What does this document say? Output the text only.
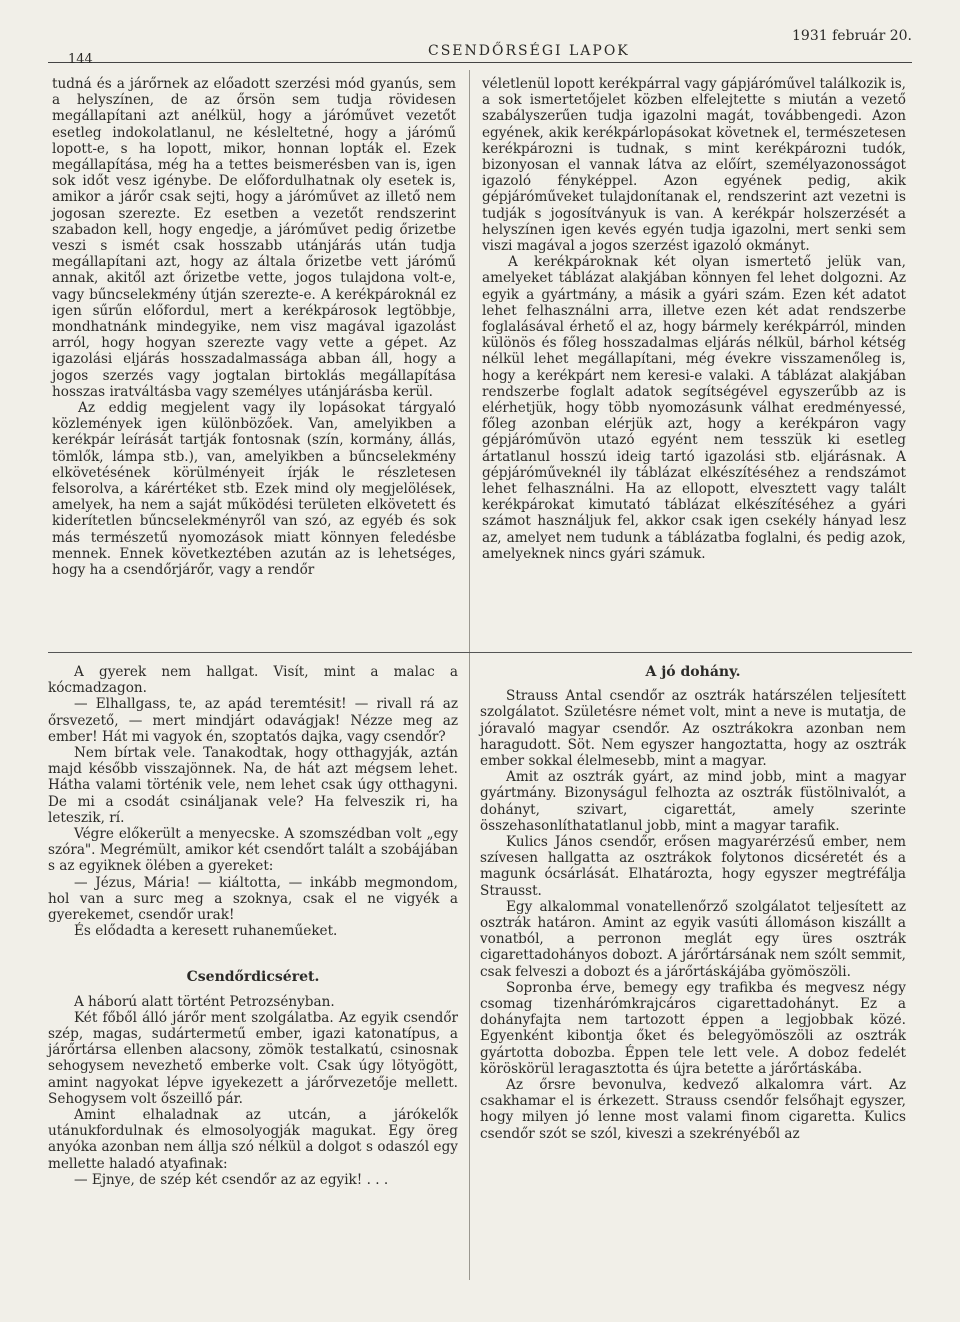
144
CSENDŐRSÉGI LAPOK
1931 február 20.

tudná és a járőrnek az előadott szerzési mód gyanús, sem a helyszínen, de az őrsön sem tudja rövidesen megállapítani azt anélkül, hogy a járóművet vezetőt esetleg indokolatlanul, ne késleltetné, hogy a járómű lopott-e, s ha lopott, mikor, honnan lopták el. Ezek megállapítása, még ha a tettes beismerésben van is, igen sok időt vesz igénybe. De előfordulhatnak oly esetek is, amikor a járőr csak sejti, hogy a járóművet az illető nem jogosan szerezte. Ez esetben a vezetőt rendszerint szabadon kell, hogy engedje, a járóművet pedig őrizetbe veszi s ismét csak hosszabb utánjárás után tudja megállapítani azt, hogy az általa őrizetbe vett járómű annak, akitől azt őrizetbe vette, jogos tulajdona volt-e, vagy bűncselekmény útján szerezte-e. A kerékpároknál ez igen sűrűn előfordul, mert a kerékpárosok legtöbbje, mondhatnánk mindegyike, nem visz magával igazolást arról, hogy hogyan szerezte vagy vette a gépet. Az igazolási eljárás hosszadalmassága abban áll, hogy a jogos szerzés vagy jogtalan birtoklás megállapítása hosszas iratváltásba vagy személyes utánjárásba kerül.

Az eddig megjelent vagy ily lopásokat tárgyaló közlemények igen különbözőek. Van, amelyikben a kerékpár leírását tartják fontosnak (szín, kormány, állás, tömlők, lámpa stb.), van, amelyikben a bűncselekmény elkövetésének körülményeit írják le részletesen felsorolva, a kárértéket stb. Ezek mind oly megjelölések, amelyek, ha nem a saját működési területen elkövetett és kiderítetlen bűncselekményről van szó, az egyéb és sok más természetű nyomozások miatt könnyen feledésbe mennek. Ennek következtében azután az is lehetséges, hogy ha a csendőrjárőr, vagy a rendőr

véletlenül lopott kerékpárral vagy gápjáróművel találkozik is, a sok ismertetőjelet közben elfelejtette s miután a vezető szabályszerűen tudja igazolni magát, továbbengedi. Azon egyének, akik kerékpárlopásokat követnek el, természetesen kerékpározni is tudnak, s mint kerékpározni tudók, bizonyosan el vannak látva az előírt, személyazonosságot igazoló fényképpel. Azon egyének pedig, akik gépjáróműveket tulajdonítanak el, rendszerint azt vezetni is tudják s jogosítványuk is van. A kerékpár holszerzését a helyszínen igen kevés egyén tudja igazolni, mert senki sem viszi magával a jogos szerzést igazoló okmányt.

A kerékpároknak két olyan ismertető jelük van, amelyeket táblázat alakjában könnyen fel lehet dolgozni. Az egyik a gyártmány, a másik a gyári szám. Ezen két adatot lehet felhasználni arra, illetve ezen két adat rendszerbe foglalásával érhető el az, hogy bármely kerékpárról, minden különös és főleg hosszadalmas eljárás nélkül, bárhol kétség nélkül lehet megállapítani, még évekre visszamenőleg is, hogy a kerékpárt nem keresi-e valaki. A táblázat alakjában rendszerbe foglalt adatok segítségével egyszerűbb az is elérhetjük, hogy több nyomozásunk válhat eredményessé, főleg azonban elérjük azt, hogy a kerékpáron vagy gépjáróművön utazó egyént nem tesszük ki esetleg ártatlanul hosszú ideig tartó igazolási stb. eljárásnak. A gépjáróműveknél ily táblázat elkészítéséhez a rendszámot lehet felhasználni. Ha az ellopott, elvesztett vagy talált kerékpárokat kimutató táblázat elkészítéséhez a gyári számot használjuk fel, akkor csak igen csekély hányad lesz az, amelyet nem tudunk a táblázatba foglalni, és pedig azok, amelyeknek nincs gyári számuk.

A gyerek nem hallgat. Visít, mint a malac a kócmadzagon.

— Elhallgass, te, az apád teremtésit! — rivall rá az őrsvezető, — mert mindjárt odavágjak! Nézze meg az ember! Hát mi vagyok én, szoptatós dajka, vagy csendőr?

Nem bírtak vele. Tanakodtak, hogy otthagyják, aztán majd később visszajönnek. Na, de hát azt mégsem lehet. Hátha valami történik vele, nem lehet csak úgy otthagyni. De mi a csodát csináljanak vele? Ha felveszik ri, ha leteszik, rí.

Végre előkerült a menyecske. A szomszédban volt „egy szóra". Megrémült, amikor két csendőrt talált a szobájában s az egyiknek ölében a gyereket:

— Jézus, Mária! — kiáltotta, — inkább megmondom, hol van a surc meg a szoknya, csak el ne vigyék a gyerekemet, csendőr urak!

És elődadta a keresett ruhaneműeket.

Csendőrdicséret.

A háború alatt történt Petrozsényban.

Két főből álló járőr ment szolgálatba. Az egyik csendőr szép, magas, sudártermetű ember, igazi katonatípus, a járőrtársa ellenben alacsony, zömök testalkatú, csinosnak sehogysem nevezhető emberke volt. Csak úgy lötyögött, amint nagyokat lépve igyekezett a járőrvezetője mellett. Sehogysem volt őszeillő pár.

Amint elhaladnak az utcán, a járókelők utánukfordulnak és elmosolyogják magukat. Egy öreg anyóka azonban nem állja szó nélkül a dolgot s odaszól egy mellette haladó atyafinak:

— Ejnye, de szép két csendőr az az egyik! . . .

A jó dohány.

Strauss Antal csendőr az osztrák határszélen teljesített szolgálatot. Születésre német volt, mint a neve is mutatja, de jóravaló magyar csendőr. Az osztrákokra azonban nem haragudott. Söt. Nem egyszer hangoztatta, hogy az osztrák ember sokkal élelmesebb, mint a magyar.

Amit az osztrák gyárt, az mind jobb, mint a magyar gyártmány. Bizonyságul felhozta az osztrák füstölnivalót, a dohányt, szivart, cigarettát, amely szerinte összehasonlíthatatlanul jobb, mint a magyar tarafik.

Kulics János csendőr, erősen magyarérzésű ember, nem szívesen hallgatta az osztrákok folytonos dicséretét és a magunk ócsárlását. Elhatározta, hogy egyszer megtréfálja Strausst.

Egy alkalommal vonatellenőrző szolgálatot teljesített az osztrák határon. Amint az egyik vasúti állomáson kiszállt a vonatból, a perronon meglát egy üres osztrák cigarettadohányos dobozt. A járőrtársának nem szólt semmit, csak felveszi a dobozt és a járőrtáskájába gyömöszöli.

Sopronba érve, bemegy egy trafikba és megvesz négy csomag tizenhárómkrajcáros cigarettadohányt. Ez a dohányfajta nem tartozott éppen a legjobbak közé. Egyenként kibontja őket és belegyömöszöli az osztrák gyártotta dobozba. Éppen tele lett vele. A doboz fedelét köröskörül leragasztotta és újra betette a járőrtáskába.

Az őrsre bevonulva, kedvező alkalomra várt. Az csakhamar el is érkezett. Strauss csendőr felsőhajt egyszer, hogy milyen jó lenne most valami finom cigaretta. Kulics csendőr szót se szól, kiveszi a szekrényéből az
